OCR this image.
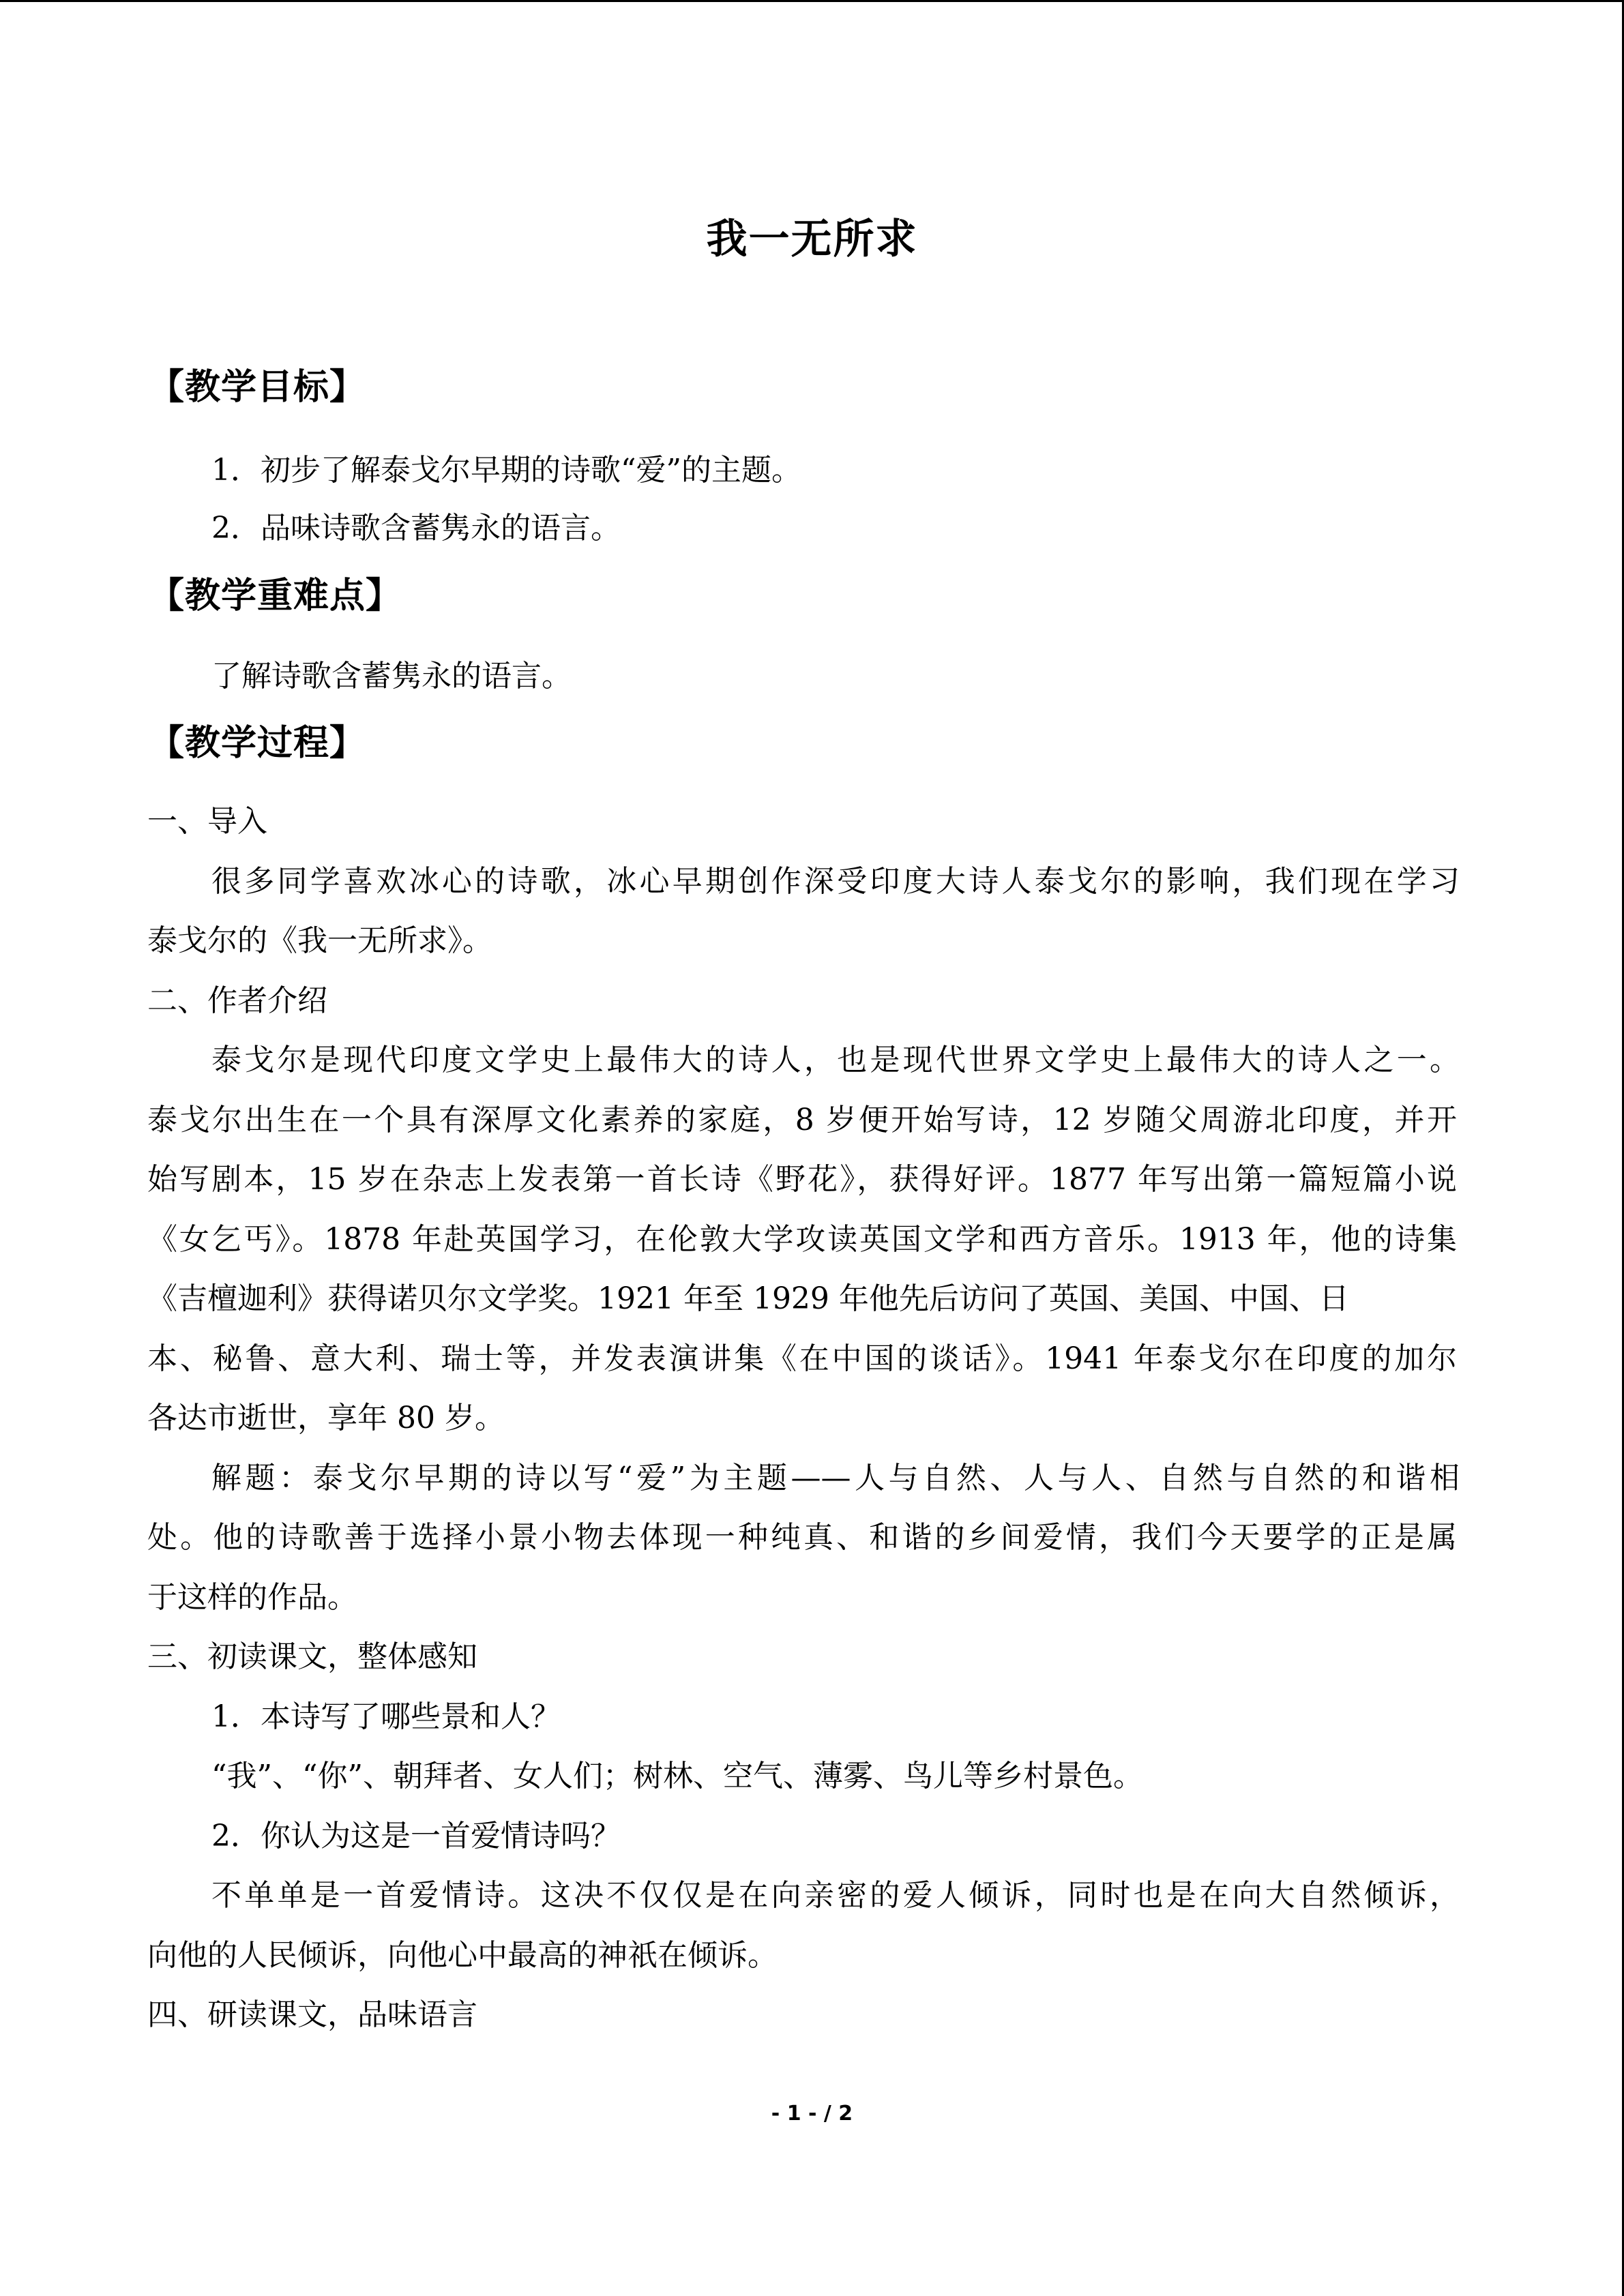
我一无所求
【教学目标】
1．初步了解泰戈尔早期的诗歌“爱”的主题。
2．品味诗歌含蓄隽永的语言。
【教学重难点】
了解诗歌含蓄隽永的语言。
【教学过程】
一、导入
很多同学喜欢冰心的诗歌，冰心早期创作深受印度大诗人泰戈尔的影响，我们现在学习
泰戈尔的《我一无所求》。
二、作者介绍
泰戈尔是现代印度文学史上最伟大的诗人，也是现代世界文学史上最伟大的诗人之一。
泰戈尔出生在一个具有深厚文化素养的家庭，8 岁便开始写诗，12 岁随父周游北印度，并开
始写剧本，15 岁在杂志上发表第一首长诗《野花》，获得好评。1877 年写出第一篇短篇小说
《女乞丐》。1878 年赴英国学习，在伦敦大学攻读英国文学和西方音乐。1913 年，他的诗集
《吉檀迦利》获得诺贝尔文学奖。1921 年至 1929 年他先后访问了英国、美国、中国、日
本、秘鲁、意大利、瑞士等，并发表演讲集《在中国的谈话》。1941 年泰戈尔在印度的加尔
各达市逝世，享年 80 岁。
解题：泰戈尔早期的诗以写“爱”为主题——人与自然、人与人、自然与自然的和谐相
处。他的诗歌善于选择小景小物去体现一种纯真、和谐的乡间爱情，我们今天要学的正是属
于这样的作品。
三、初读课文，整体感知
1．本诗写了哪些景和人？
“我”、“你”、朝拜者、女人们；树林、空气、薄雾、鸟儿等乡村景色。
2．你认为这是一首爱情诗吗？
不单单是一首爱情诗。这决不仅仅是在向亲密的爱人倾诉，同时也是在向大自然倾诉，
向他的人民倾诉，向他心中最高的神祇在倾诉。
四、研读课文，品味语言
- 1 - / 2
